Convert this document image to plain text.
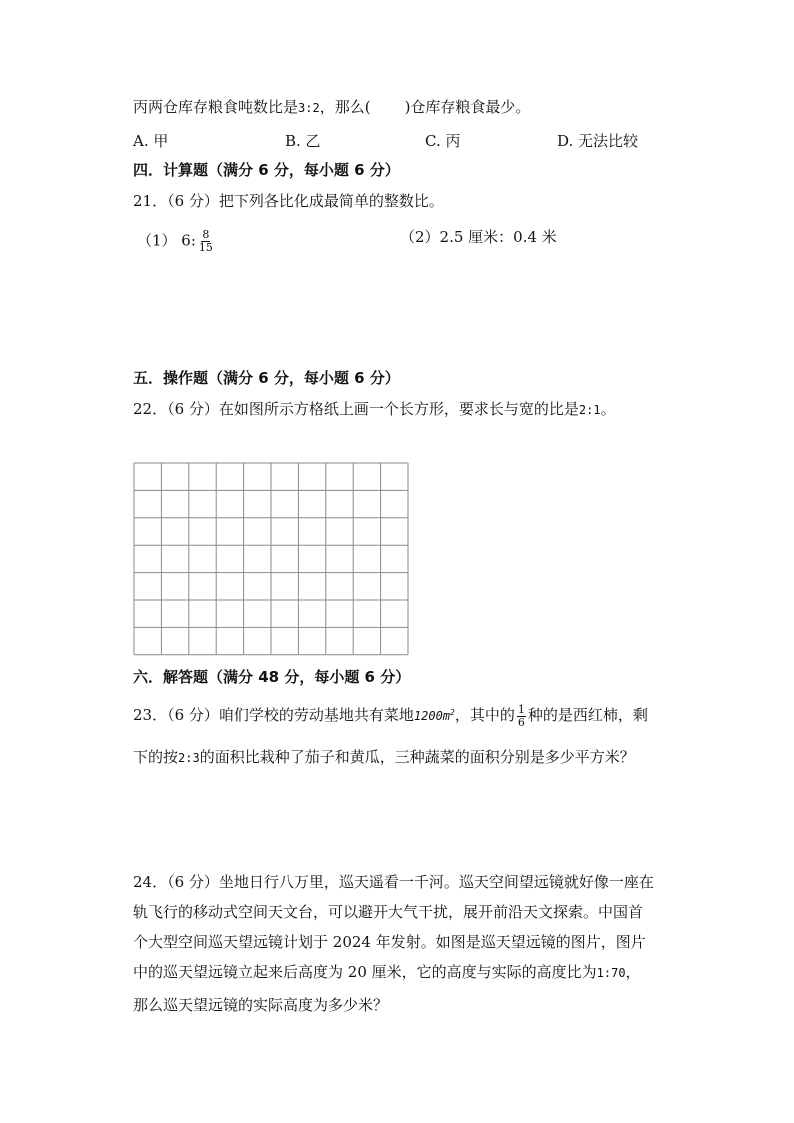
丙两仓库存粮食吨数比是3:2，那么( )仓库存粮食最少。
A. 甲	B. 乙	C. 丙	D. 无法比较
四．计算题（满分 6 分，每小题 6 分）
21．（6 分）把下列各比化成最简单的整数比。
（1） 6: $\frac{8}{15}$	（2）2.5 厘米：0.4 米
五．操作题（满分 6 分，每小题 6 分）
22．（6 分）在如图所示方格纸上画一个长方形，要求长与宽的比是2:1。
六．解答题（满分 48 分，每小题 6 分）
23．（6 分）咱们学校的劳动基地共有菜地$1200m^2$，其中的 $\frac{1}{6}$ 种的是西红柿，剩
下的按2:3的面积比栽种了茄子和黄瓜，三种蔬菜的面积分别是多少平方米？
24．（6 分）坐地日行八万里，巡天遥看一千河。巡天空间望远镜就好像一座在
轨飞行的移动式空间天文台，可以避开大气干扰，展开前沿天文探索。中国首
个大型空间巡天望远镜计划于 2024 年发射。如图是巡天望远镜的图片，图片
中的巡天望远镜立起来后高度为 20 厘米，它的高度与实际的高度比为1:70，
那么巡天望远镜的实际高度为多少米？
